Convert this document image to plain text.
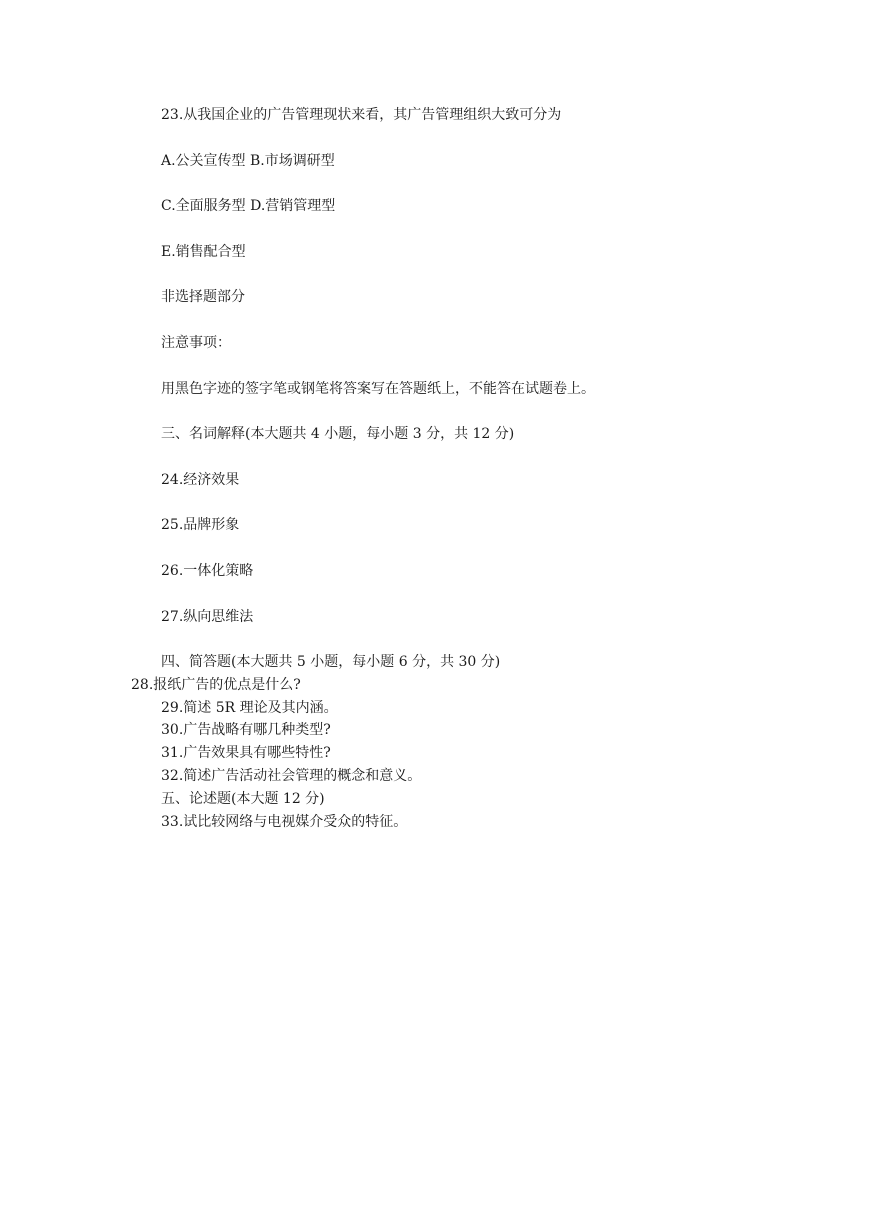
23.从我国企业的广告管理现状来看，其广告管理组织大致可分为
A.公关宣传型 B.市场调研型
C.全面服务型 D.营销管理型
E.销售配合型
非选择题部分
注意事项：
用黑色字迹的签字笔或钢笔将答案写在答题纸上，不能答在试题卷上。
三、名词解释(本大题共 4 小题，每小题 3 分，共 12 分)
24.经济效果
25.品牌形象
26.一体化策略
27.纵向思维法
四、简答题(本大题共 5 小题，每小题 6 分，共 30 分)
28.报纸广告的优点是什么?
29.简述 5R 理论及其内涵。
30.广告战略有哪几种类型?
31.广告效果具有哪些特性?
32.简述广告活动社会管理的概念和意义。
五、论述题(本大题 12 分)
33.试比较网络与电视媒介受众的特征。
